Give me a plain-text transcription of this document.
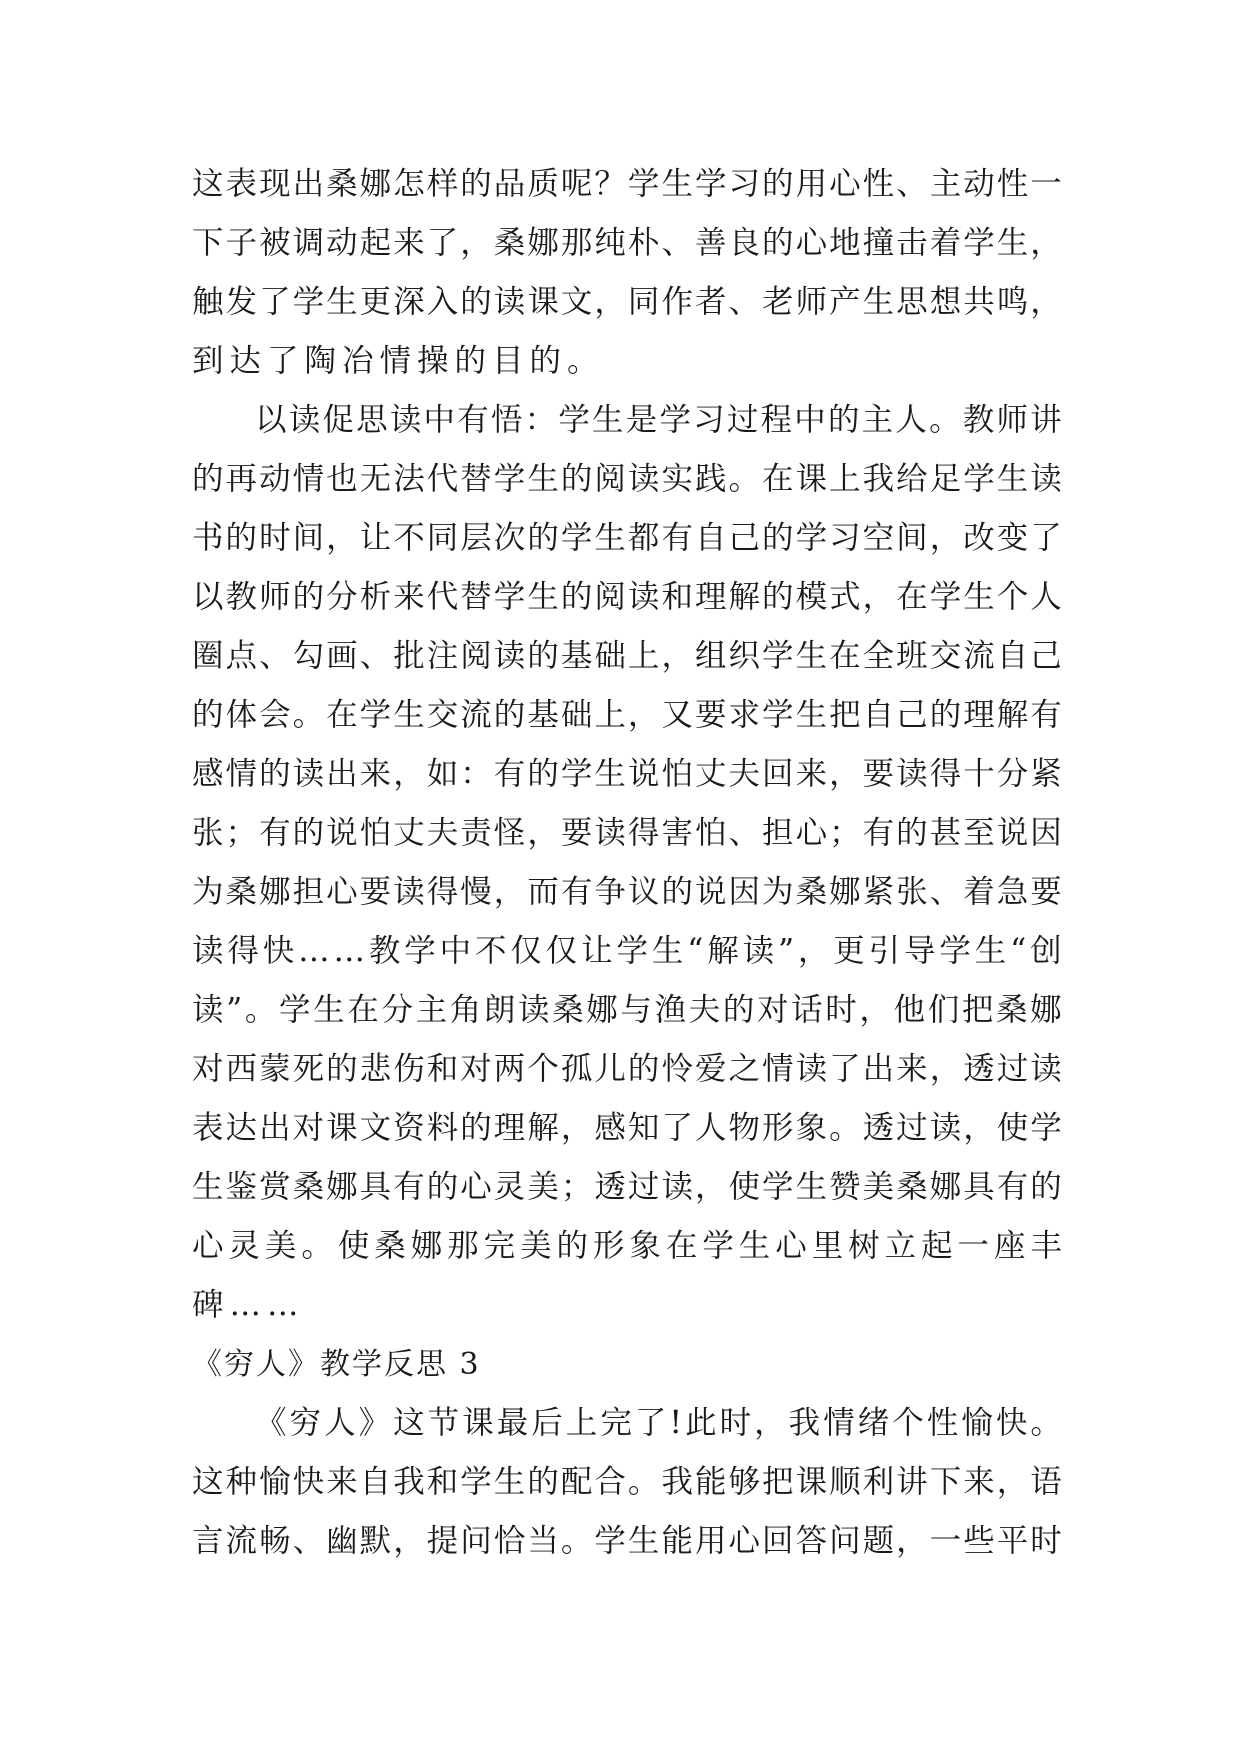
这 表 现 出 桑 娜 怎 样 的 品 质 呢 ？ 学 生 学 习 的 用 心 性 、 主 动 性 一
下 子 被 调 动 起 来 了 ， 桑 娜 那 纯 朴 、 善 良 的 心 地 撞 击 着 学 生 ，
触 发 了 学 生 更 深 入 的 读 课 文 ， 同 作 者 、 老 师 产 生 思 想 共 鸣 ，
到达了陶冶情操的目的。
以 读 促 思 读 中 有 悟 ： 学 生 是 学 习 过 程 中 的 主 人 。 教 师 讲
的 再 动 情 也 无 法 代 替 学 生 的 阅 读 实 践 。 在 课 上 我 给 足 学 生 读
书 的 时 间 ， 让 不 同 层 次 的 学 生 都 有 自 己 的 学 习 空 间 ， 改 变 了
以 教 师 的 分 析 来 代 替 学 生 的 阅 读 和 理 解 的 模 式 ， 在 学 生 个 人
圈 点 、 勾 画 、 批 注 阅 读 的 基 础 上 ， 组 织 学 生 在 全 班 交 流 自 己
的 体 会 。 在 学 生 交 流 的 基 础 上 ， 又 要 求 学 生 把 自 己 的 理 解 有
感 情 的 读 出 来 ， 如 ： 有 的 学 生 说 怕 丈 夫 回 来 ， 要 读 得 十 分 紧
张 ； 有 的 说 怕 丈 夫 责 怪 ， 要 读 得 害 怕 、 担 心 ； 有 的 甚 至 说 因
为 桑 娜 担 心 要 读 得 慢 ， 而 有 争 议 的 说 因 为 桑 娜 紧 张 、 着 急 要
读 得 快 … … 教 学 中 不 仅 仅 让 学 生 “ 解 读 ” ， 更 引 导 学 生 “ 创
读 ” 。 学 生 在 分 主 角 朗 读 桑 娜 与 渔 夫 的 对 话 时 ， 他 们 把 桑 娜
对 西 蒙 死 的 悲 伤 和 对 两 个 孤 儿 的 怜 爱 之 情 读 了 出 来 ， 透 过 读
表 达 出 对 课 文 资 料 的 理 解 ， 感 知 了 人 物 形 象 。 透 过 读 ， 使 学
生 鉴 赏 桑 娜 具 有 的 心 灵 美 ； 透 过 读 ， 使 学 生 赞 美 桑 娜 具 有 的
心 灵 美 。 使 桑 娜 那 完 美 的 形 象 在 学 生 心 里 树 立 起 一 座 丰
碑……
《穷人》教学反思 3
《 穷 人 》 这 节 课 最 后 上 完 了 ! 此 时 ， 我 情 绪 个 性 愉 快 。
这 种 愉 快 来 自 我 和 学 生 的 配 合 。 我 能 够 把 课 顺 利 讲 下 来 ， 语
言 流 畅 、 幽 默 ， 提 问 恰 当 。 学 生 能 用 心 回 答 问 题 ， 一 些 平 时
